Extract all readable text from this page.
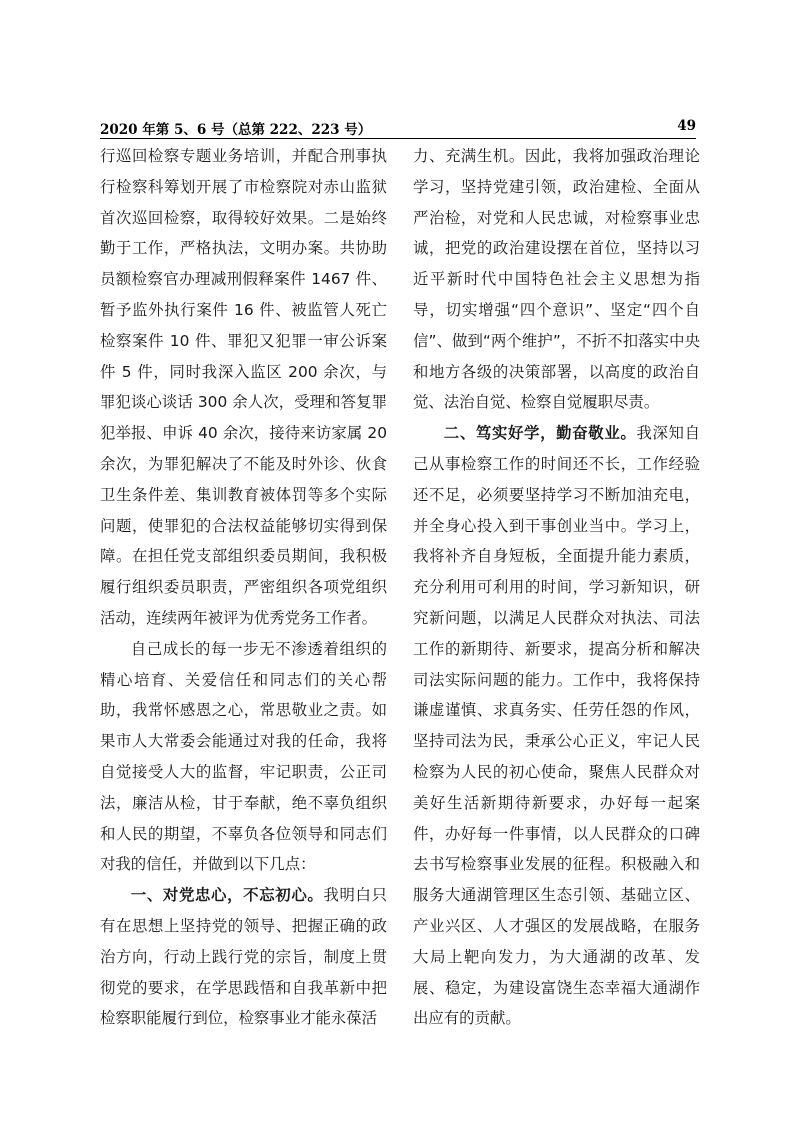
2020 年第 5、6 号（总第 222、223 号）	49

行巡回检察专题业务培训，并配合刑事执行检察科筹划开展了市检察院对赤山监狱首次巡回检察，取得较好效果。二是始终勤于工作，严格执法，文明办案。共协助员额检察官办理减刑假释案件 1467 件、暂予监外执行案件 16 件、被监管人死亡检察案件 10 件、罪犯又犯罪一审公诉案件 5 件，同时我深入监区 200 余次，与罪犯谈心谈话 300 余人次，受理和答复罪犯举报、申诉 40 余次，接待来访家属 20 余次，为罪犯解决了不能及时外诊、伙食卫生条件差、集训教育被体罚等多个实际问题，使罪犯的合法权益能够切实得到保障。在担任党支部组织委员期间，我积极履行组织委员职责，严密组织各项党组织活动，连续两年被评为优秀党务工作者。

自己成长的每一步无不渗透着组织的精心培育、关爱信任和同志们的关心帮助，我常怀感恩之心，常思敬业之责。如果市人大常委会能通过对我的任命，我将自觉接受人大的监督，牢记职责，公正司法，廉洁从检，甘于奉献，绝不辜负组织和人民的期望，不辜负各位领导和同志们对我的信任，并做到以下几点：

一、对党忠心，不忘初心。我明白只有在思想上坚持党的领导、把握正确的政治方向，行动上践行党的宗旨，制度上贯彻党的要求，在学思践悟和自我革新中把检察职能履行到位，检察事业才能永葆活

力、充满生机。因此，我将加强政治理论学习，坚持党建引领，政治建检、全面从严治检，对党和人民忠诚，对检察事业忠诚，把党的政治建设摆在首位，坚持以习近平新时代中国特色社会主义思想为指导，切实增强“四个意识”、坚定“四个自信”、做到“两个维护”，不折不扣落实中央和地方各级的决策部署，以高度的政治自觉、法治自觉、检察自觉履职尽责。

二、笃实好学，勤奋敬业。我深知自己从事检察工作的时间还不长，工作经验还不足，必须要坚持学习不断加油充电，并全身心投入到干事创业当中。学习上，我将补齐自身短板，全面提升能力素质，充分利用可利用的时间，学习新知识，研究新问题，以满足人民群众对执法、司法工作的新期待、新要求，提高分析和解决司法实际问题的能力。工作中，我将保持谦虚谨慎、求真务实、任劳任怨的作风，坚持司法为民，秉承公心正义，牢记人民检察为人民的初心使命，聚焦人民群众对美好生活新期待新要求，办好每一起案件，办好每一件事情，以人民群众的口碑去书写检察事业发展的征程。积极融入和服务大通湖管理区生态引领、基础立区、产业兴区、人才强区的发展战略，在服务大局上靶向发力，为大通湖的改革、发展、稳定，为建设富饶生态幸福大通湖作出应有的贡献。
